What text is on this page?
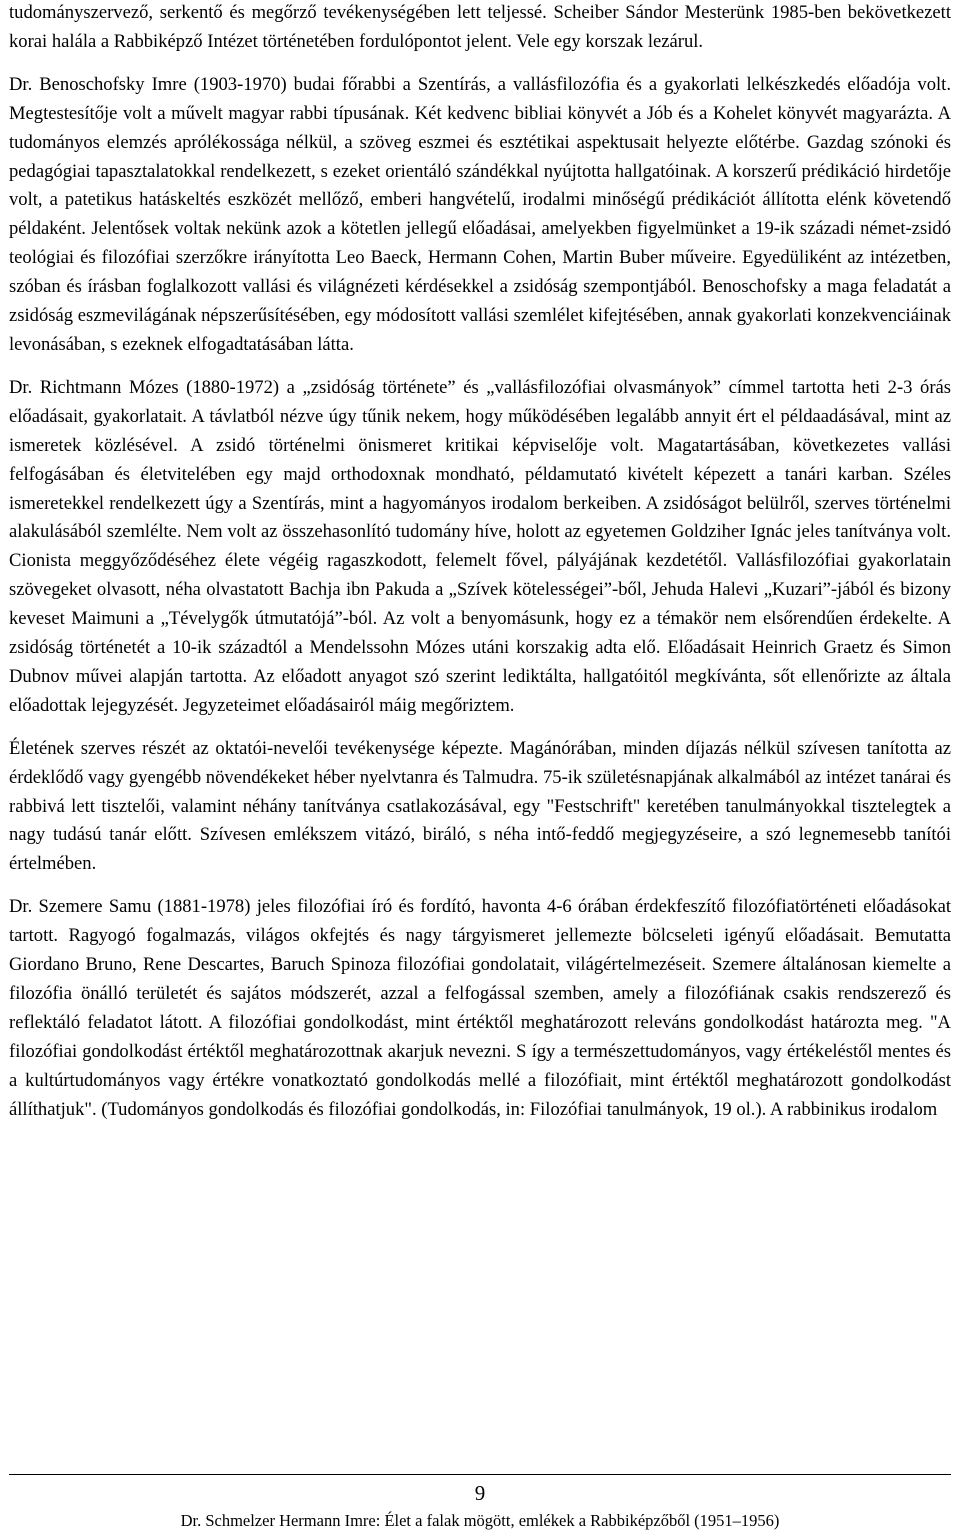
tudományszervező, serkentő és megőrző tevékenységében lett teljessé. Scheiber Sándor Mesterünk 1985-ben bekövetkezett korai halála a Rabbiképző Intézet történetében fordulópontot jelent. Vele egy korszak lezárul.

Dr. Benoschofsky Imre (1903-1970) budai főrabbi a Szentírás, a vallásfilozófia és a gyakorlati lelkészkedés előadója volt. Megtestesítője volt a művelt magyar rabbi típusának. Két kedvenc bibliai könyvét a Jób és a Kohelet könyvét magyarázta. A tudományos elemzés aprólékossága nélkül, a szöveg eszmei és esztétikai aspektusait helyezte előtérbe. Gazdag szónoki és pedagógiai tapasztalatokkal rendelkezett, s ezeket orientáló szándékkal nyújtotta hallgatóinak. A korszerű prédikáció hirdetője volt, a patetikus hatáskeltés eszközét mellőző, emberi hangvételű, irodalmi minőségű prédikációt állította elénk követendő példaként. Jelentősek voltak nekünk azok a kötetlen jellegű előadásai, amelyekben figyelmünket a 19-ik századi német-zsidó teológiai és filozófiai szerzőkre irányította Leo Baeck, Hermann Cohen, Martin Buber műveire. Egyedüliként az intézetben, szóban és írásban foglalkozott vallási és világnézeti kérdésekkel a zsidóság szempontjából. Benoschofsky a maga feladatát a zsidóság eszmevilágának népszerűsítésében, egy módosított vallási szemlélet kifejtésében, annak gyakorlati konzekvenciáinak levonásában, s ezeknek elfogadtatásában látta.

Dr. Richtmann Mózes (1880-1972) a „zsidóság története” és „vallásfilozófiai olvasmányok” címmel tartotta heti 2-3 órás előadásait, gyakorlatait. A távlatból nézve úgy tűnik nekem, hogy működésében legalább annyit ért el példaadásával, mint az ismeretek közlésével. A zsidó történelmi önismeret kritikai képviselője volt. Magatartásában, következetes vallási felfogásában és életvitelében egy majd orthodoxnak mondható, példamutató kivételt képezett a tanári karban. Széles ismeretekkel rendelkezett úgy a Szentírás, mint a hagyományos irodalom berkeiben. A zsidóságot belülről, szerves történelmi alakulásából szemlélte. Nem volt az összehasonlító tudomány híve, holott az egyetemen Goldziher Ignác jeles tanítványa volt. Cionista meggyőződéséhez élete végéig ragaszkodott, felemelt fővel, pályájának kezdetétől. Vallásfilozófiai gyakorlatain szövegeket olvasott, néha olvastatott Bachja ibn Pakuda a „Szívek kötelességei”-ből, Jehuda Halevi „Kuzari”-jából és bizony keveset Maimuni a „Tévelygők útmutatójá”-ból. Az volt a benyomásunk, hogy ez a témakör nem elsőrendűen érdekelte. A zsidóság történetét a 10-ik századtól a Mendelssohn Mózes utáni korszakig adta elő. Előadásait Heinrich Graetz és Simon Dubnov művei alapján tartotta. Az előadott anyagot szó szerint lediktálta, hallgatóitól megkívánta, sőt ellenőrizte az általa előadottak lejegyzését. Jegyzeteimet előadásairól máig megőriztem.

Életének szerves részét az oktatói-nevelői tevékenysége képezte. Magánórában, minden díjazás nélkül szívesen tanította az érdeklődő vagy gyengébb növendékeket héber nyelvtanra és Talmudra. 75-ik születésnapjának alkalmából az intézet tanárai és rabbivá lett tisztelői, valamint néhány tanítványa csatlakozásával, egy "Festschrift" keretében tanulmányokkal tisztelegtek a nagy tudású tanár előtt. Szívesen emlékszem vitázó, biráló, s néha intő-feddő megjegyzéseire, a szó legnemesebb tanítói értelmében.

Dr. Szemere Samu (1881-1978) jeles filozófiai író és fordító, havonta 4-6 órában érdekfeszítő filozófiatörténeti előadásokat tartott. Ragyogó fogalmazás, világos okfejtés és nagy tárgyismeret jellemezte bölcseleti igényű előadásait. Bemutatta Giordano Bruno, Rene Descartes, Baruch Spinoza filozófiai gondolatait, világértelmezéseit. Szemere általánosan kiemelte a filozófia önálló területét és sajátos módszerét, azzal a felfogással szemben, amely a filozófiának csakis rendszerező és reflektáló feladatot látott. A filozófiai gondolkodást, mint értéktől meghatározott releváns gondolkodást határozta meg. "A filozófiai gondolkodást értéktől meghatározottnak akarjuk nevezni. S így a természettudományos, vagy értékeléstől mentes és a kultúrtudományos vagy értékre vonatkoztató gondolkodás mellé a filozófiait, mint értéktől meghatározott gondolkodást állíthatjuk". (Tudományos gondolkodás és filozófiai gondolkodás, in: Filozófiai tanulmányok, 19 ol.). A rabbinikus irodalom

9
Dr. Schmelzer Hermann Imre: Élet a falak mögött, emlékek a Rabbiképzőből (1951–1956)
